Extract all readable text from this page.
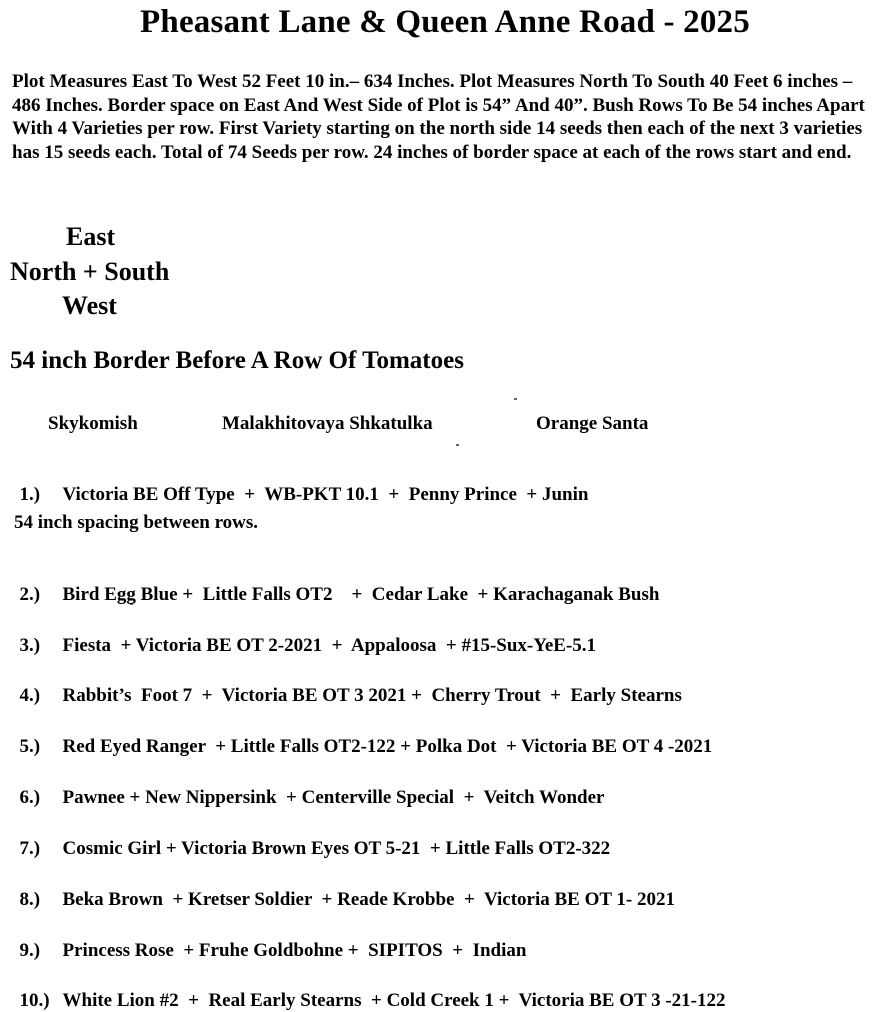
Pheasant Lane & Queen Anne Road - 2025

Plot Measures East To West 52 Feet 10 in.– 634 Inches. Plot Measures North To South 40 Feet 6 inches – 486 Inches. Border space on East And West Side of Plot is 54” And 40”. Bush Rows To Be 54 inches Apart With 4 Varieties per row. First Variety starting on the north side 14 seeds then each of the next 3 varieties has 15 seeds each. Total of 74 Seeds per row. 24 inches of border space at each of the rows start and end.

East
North + South
West
54 inch Border Before A Row Of Tomatoes
Skykomish	Malakhitovaya Shkatulka	Orange Santa

1.) Victoria BE Off Type  +  WB-PKT 10.1  +  Penny Prince  + Junin

54 inch spacing between rows.

2.) Bird Egg Blue +  Little Falls OT2    +  Cedar Lake  + Karachaganak Bush

3.) Fiesta  + Victoria BE OT 2-2021  +  Appaloosa  + #15-Sux-YeE-5.1

4.) Rabbit’s  Foot 7  +  Victoria BE OT 3 2021 +  Cherry Trout  +  Early Stearns

5.) Red Eyed Ranger  + Little Falls OT2-122 + Polka Dot  + Victoria BE OT 4 -2021

6.) Pawnee + New Nippersink  + Centerville Special  +  Veitch Wonder

7.) Cosmic Girl + Victoria Brown Eyes OT 5-21  + Little Falls OT2-322

8.) Beka Brown  + Kretser Soldier  + Reade Krobbe  +  Victoria BE OT 1- 2021

9.) Princess Rose  + Fruhe Goldbohne +  SIPITOS  +  Indian

10.) White Lion #2  +  Real Early Stearns  + Cold Creek 1 +  Victoria BE OT 3 -21-122
